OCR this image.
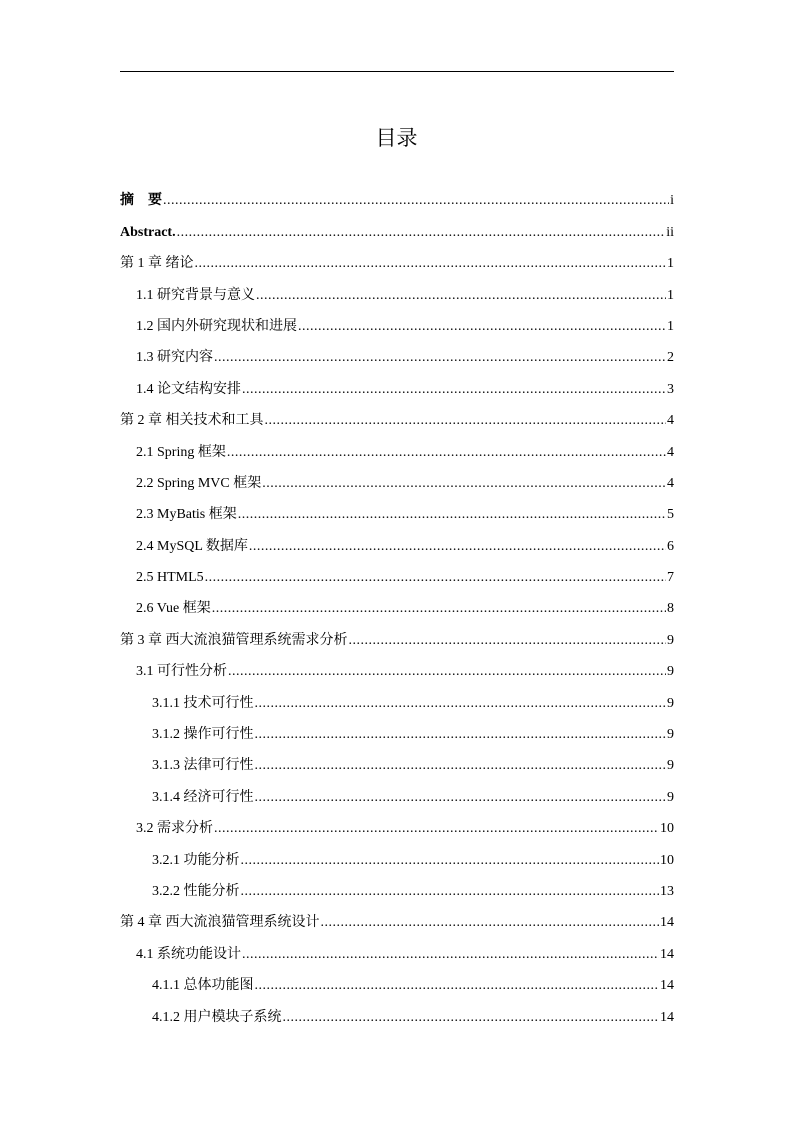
目录
摘　要 .....	i
Abstract. .....	ii
第 1 章 绪论 .....	1
1.1 研究背景与意义 .....	1
1.2 国内外研究现状和进展 .....	1
1.3 研究内容 .....	2
1.4 论文结构安排 .....	3
第 2 章 相关技术和工具 .....	4
2.1 Spring 框架 .....	4
2.2 Spring MVC 框架 .....	4
2.3 MyBatis 框架 .....	5
2.4 MySQL 数据库 .....	6
2.5 HTML5 .....	7
2.6 Vue 框架 .....	8
第 3 章 西大流浪猫管理系统需求分析 .....	9
3.1 可行性分析 .....	9
3.1.1 技术可行性 .....	9
3.1.2 操作可行性 .....	9
3.1.3 法律可行性 .....	9
3.1.4 经济可行性 .....	9
3.2 需求分析 .....	10
3.2.1 功能分析 .....	10
3.2.2 性能分析 .....	13
第 4 章 西大流浪猫管理系统设计 .....	14
4.1 系统功能设计 .....	14
4.1.1 总体功能图 .....	14
4.1.2 用户模块子系统 .....	14
